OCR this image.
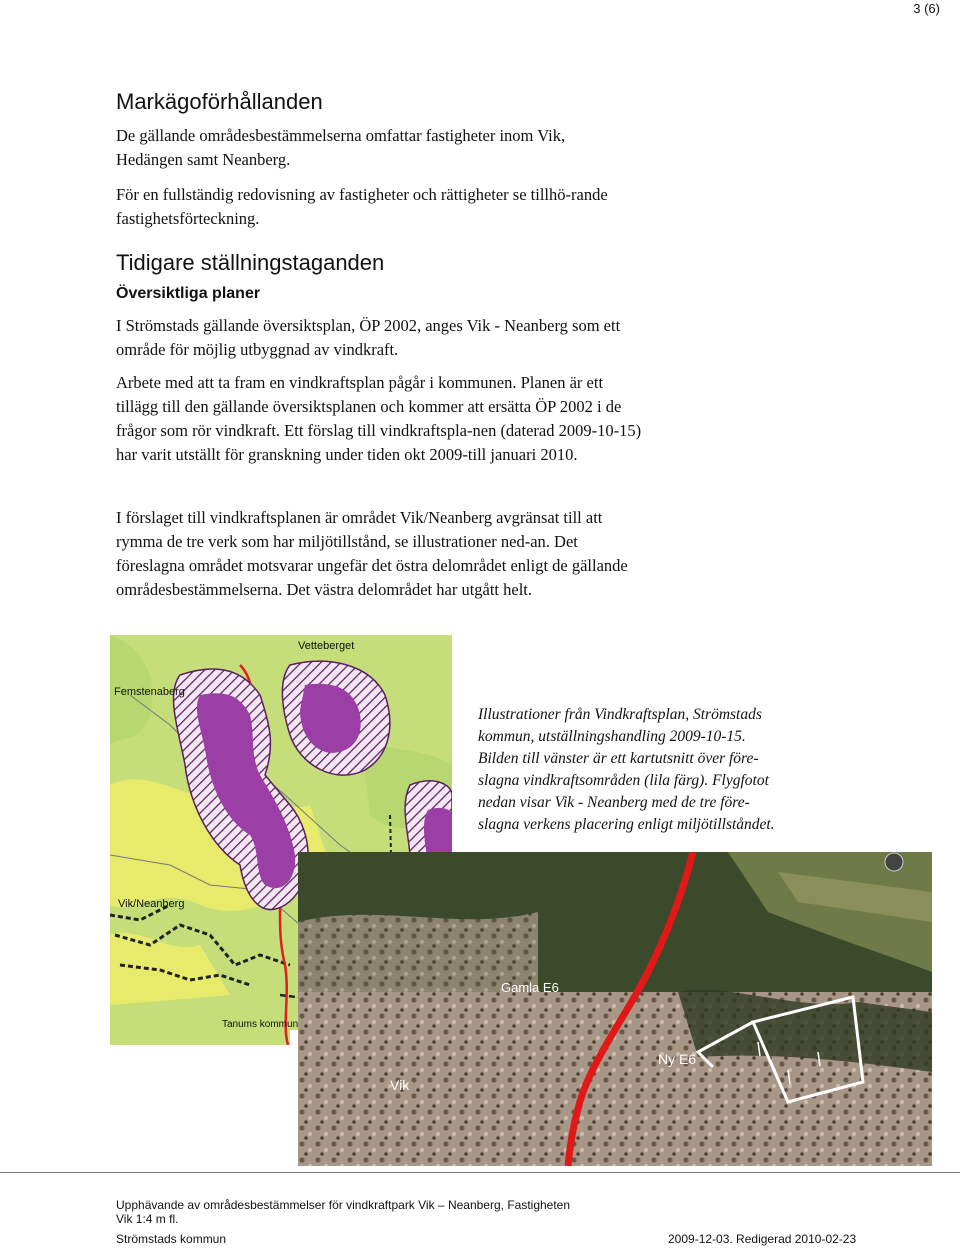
3 (6)
Markägoförhållanden

De gällande områdesbestämmelserna omfattar fastigheter inom Vik, Hedängen samt Neanberg.

För en fullständig redovisning av fastigheter och rättigheter se tillhö-rande fastighetsförteckning.

Tidigare ställningstaganden
Översiktliga planer

I Strömstads gällande översiktsplan, ÖP 2002, anges Vik - Neanberg som ett område för möjlig utbyggnad av vindkraft.

Arbete med att ta fram en vindkraftsplan pågår i kommunen. Planen är ett tillägg till den gällande översiktsplanen och kommer att ersätta ÖP 2002 i de frågor som rör vindkraft. Ett förslag till vindkraftspla-nen (daterad 2009-10-15) har varit utställt för granskning under tiden okt 2009-till januari 2010.

I förslaget till vindkraftsplanen är området Vik/Neanberg avgränsat till att rymma de tre verk som har miljötillstånd, se illustrationer ned-an. Det föreslagna området motsvarar ungefär det östra delområdet enligt de gällande områdesbestämmelserna. Det västra delområdet har utgått helt.

Vetteberget
Femstenaberg
Vik/Neanberg
Tanums kommun
Illustrationer från Vindkraftsplan, Strömstads kommun, utställningshandling 2009-10-15. Bilden till vänster är ett kartutsnitt över före-slagna vindkraftsområden (lila färg). Flygfotot nedan visar Vik - Neanberg med de tre före-slagna verkens placering enligt miljötillståndet.
Gamla E6
Ny E6
Vik
Upphävande av områdesbestämmelser för vindkraftpark Vik – Neanberg, Fastigheten
Vik 1:4 m fl.
Strömstads kommun	2009-12-03. Redigerad 2010-02-23
